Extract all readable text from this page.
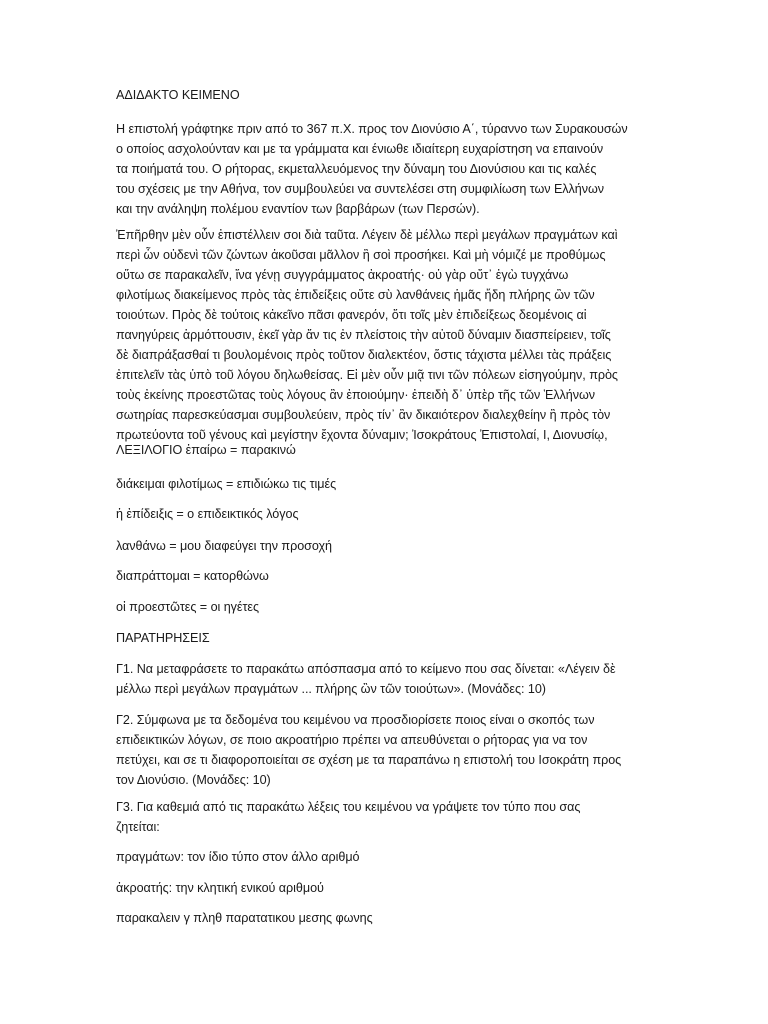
ΑΔΙΔΑΚΤΟ ΚΕΙΜΕΝΟ
Η επιστολή γράφτηκε πριν από το 367 π.Χ. προς τον Διονύσιο Α΄, τύραννο των Συρακουσών
ο οποίος ασχολούνταν και με τα γράμματα και ένιωθε ιδιαίτερη ευχαρίστηση να επαινούν
τα ποιήματά του. Ο ρήτορας, εκμεταλλευόμενος την δύναμη του Διονύσιου και τις καλές
του σχέσεις με την Αθήνα, τον συμβουλεύει να συντελέσει στη συμφιλίωση των Ελλήνων
και την ανάληψη πολέμου εναντίον των βαρβάρων (των Περσών).
Ἐπῆρθην μὲν οὖν ἐπιστέλλειν σοι διὰ ταῦτα. Λέγειν δὲ μέλλω περὶ μεγάλων πραγμάτων καὶ
περὶ ὧν οὐδενὶ τῶν ζώντων ἀκοῦσαι μᾶλλον ἢ σοὶ προσήκει. Καὶ μὴ νόμιζέ με προθύμως
οὕτω σε παρακαλεῖν, ἵνα γένῃ συγγράμματος ἀκροατής· οὐ γὰρ οὔτ᾽ ἐγὼ τυγχάνω
φιλοτίμως διακείμενος πρὸς τὰς ἐπιδείξεις οὔτε σὺ λανθάνεις ἡμᾶς ἤδη πλήρης ὢν τῶν
τοιούτων. Πρὸς δὲ τούτοις κἀκεῖνο πᾶσι φανερόν, ὅτι τοῖς μὲν ἐπιδείξεως δεομένοις αἱ
πανηγύρεις ἁρμόττουσιν, ἐκεῖ γὰρ ἄν τις ἐν πλείστοις τὴν αὑτοῦ δύναμιν διασπείρειεν, τοῖς
δὲ διαπράξασθαί τι βουλομένοις πρὸς τοῦτον διαλεκτέον, ὅστις τάχιστα μέλλει τὰς πράξεις
ἐπιτελεῖν τὰς ὑπὸ τοῦ λόγου δηλωθείσας. Εἰ μὲν οὖν μιᾷ τινι τῶν πόλεων εἰσηγούμην, πρὸς
τοὺς ἐκείνης προεστῶτας τοὺς λόγους ἂν ἐποιούμην· ἐπειδὴ δ᾽ ὑπὲρ τῆς τῶν Ἑλλήνων
σωτηρίας παρεσκεύασμαι συμβουλεύειν, πρὸς τίν᾽ ἂν δικαιότερον διαλεχθείην ἢ πρὸς τὸν
πρωτεύοντα τοῦ γένους καὶ μεγίστην ἔχοντα δύναμιν; Ἰσοκράτους Ἐπιστολαί, Ι, Διονυσίῳ,
ΛΕΞΙΛΟΓΙΟ ἐπαίρω = παρακινώ
διάκειμαι φιλοτίμως = επιδιώκω τις τιμές
ἡ ἐπίδειξις = ο επιδεικτικός λόγος
λανθάνω = μου διαφεύγει την προσοχή
διαπράττομαι = κατορθώνω
οἱ προεστῶτες = οι ηγέτες
ΠΑΡΑΤΗΡΗΣΕΙΣ
Γ1. Να μεταφράσετε το παρακάτω απόσπασμα από το κείμενο που σας δίνεται: «Λέγειν δὲ
μέλλω περὶ μεγάλων πραγμάτων ... πλήρης ὢν τῶν τοιούτων». (Μονάδες: 10)
Γ2. Σύμφωνα με τα δεδομένα του κειμένου να προσδιορίσετε ποιος είναι ο σκοπός των
επιδεικτικών λόγων, σε ποιο ακροατήριο πρέπει να απευθύνεται ο ρήτορας για να τον
πετύχει, και σε τι διαφοροποιείται σε σχέση με τα παραπάνω η επιστολή του Ισοκράτη προς
τον Διονύσιο. (Μονάδες: 10)
Γ3. Για καθεμιά από τις παρακάτω λέξεις του κειμένου να γράψετε τον τύπο που σας
ζητείται:
πραγμάτων: τον ίδιο τύπο στον άλλο αριθμό
ἀκροατής: την κλητική ενικού αριθμού
παρακαλειν γ πληθ παρατατικου μεσης φωνης
